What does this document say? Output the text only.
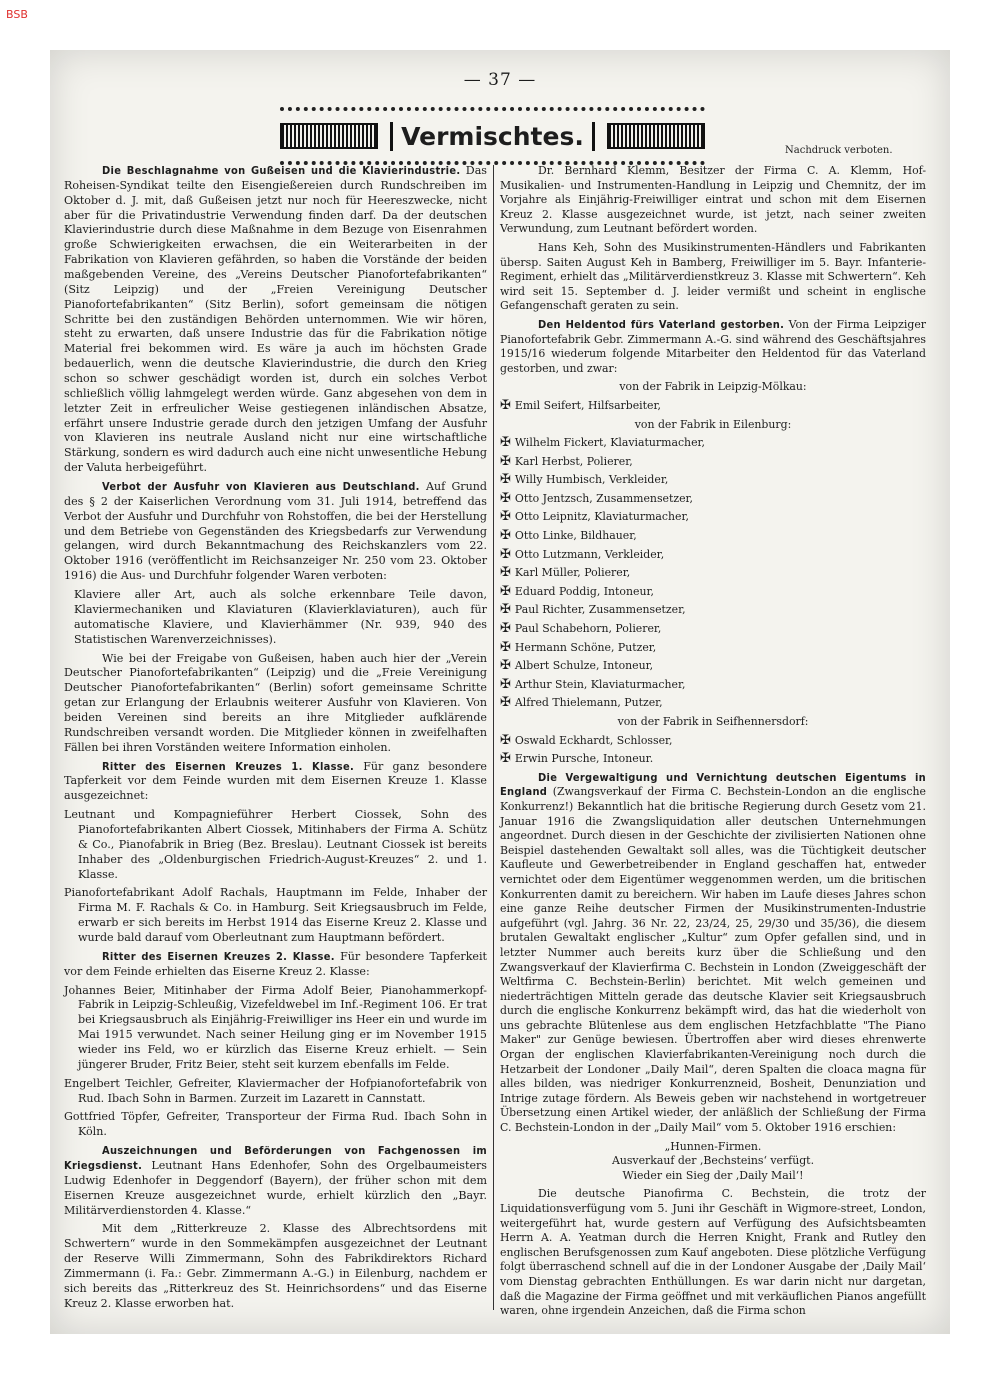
BSB
— 37 —
Vermischtes.	Nachdruck verboten.

Die Beschlagnahme von Gußeisen und die Klavierindustrie. Das Roheisen-Syndikat teilte den Eisengießereien durch Rundschreiben im Oktober d. J. mit, daß Gußeisen jetzt nur noch für Heereszwecke, nicht aber für die Privatindustrie Verwendung finden darf. Da der deutschen Klavierindustrie durch diese Maßnahme in dem Bezuge von Eisenrahmen große Schwierigkeiten erwachsen, die ein Weiterarbeiten in der Fabrikation von Klavieren gefährden, so haben die Vorstände der beiden maßgebenden Vereine, des „Vereins Deutscher Pianofortefabrikanten“ (Sitz Leipzig) und der „Freien Vereinigung Deutscher Pianofortefabrikanten“ (Sitz Berlin), sofort gemeinsam die nötigen Schritte bei den zuständigen Behörden unternommen. Wie wir hören, steht zu erwarten, daß unsere Industrie das für die Fabrikation nötige Material frei bekommen wird. Es wäre ja auch im höchsten Grade bedauerlich, wenn die deutsche Klavierindustrie, die durch den Krieg schon so schwer geschädigt worden ist, durch ein solches Verbot schließlich völlig lahmgelegt werden würde. Ganz abgesehen von dem in letzter Zeit in erfreulicher Weise gestiegenen inländischen Absatze, erfährt unsere Industrie gerade durch den jetzigen Umfang der Ausfuhr von Klavieren ins neutrale Ausland nicht nur eine wirtschaftliche Stärkung, sondern es wird dadurch auch eine nicht unwesentliche Hebung der Valuta herbeigeführt.

Verbot der Ausfuhr von Klavieren aus Deutschland. Auf Grund des § 2 der Kaiserlichen Verordnung vom 31. Juli 1914, betreffend das Verbot der Ausfuhr und Durchfuhr von Rohstoffen, die bei der Herstellung und dem Betriebe von Gegenständen des Kriegsbedarfs zur Verwendung gelangen, wird durch Bekanntmachung des Reichskanzlers vom 22. Oktober 1916 (veröffentlicht im Reichsanzeiger Nr. 250 vom 23. Oktober 1916) die Aus- und Durchfuhr folgender Waren verboten:

Klaviere aller Art, auch als solche erkennbare Teile davon, Klaviermechaniken und Klaviaturen (Klavierklaviaturen), auch für automatische Klaviere, und Klavierhämmer (Nr. 939, 940 des Statistischen Warenverzeichnisses).

Wie bei der Freigabe von Gußeisen, haben auch hier der „Verein Deutscher Pianofortefabrikanten“ (Leipzig) und die „Freie Vereinigung Deutscher Pianofortefabrikanten“ (Berlin) sofort gemeinsame Schritte getan zur Erlangung der Erlaubnis weiterer Ausfuhr von Klavieren. Von beiden Vereinen sind bereits an ihre Mitglieder aufklärende Rundschreiben versandt worden. Die Mitglieder können in zweifelhaften Fällen bei ihren Vorständen weitere Information einholen.

Ritter des Eisernen Kreuzes 1. Klasse. Für ganz besondere Tapferkeit vor dem Feinde wurden mit dem Eisernen Kreuze 1. Klasse ausgezeichnet:

Leutnant und Kompagnieführer Herbert Ciossek, Sohn des Pianofortefabrikanten Albert Ciossek, Mitinhabers der Firma A. Schütz & Co., Pianofabrik in Brieg (Bez. Breslau). Leutnant Ciossek ist bereits Inhaber des „Oldenburgischen Friedrich-August-Kreuzes“ 2. und 1. Klasse.

Pianofortefabrikant Adolf Rachals, Hauptmann im Felde, Inhaber der Firma M. F. Rachals & Co. in Hamburg. Seit Kriegsausbruch im Felde, erwarb er sich bereits im Herbst 1914 das Eiserne Kreuz 2. Klasse und wurde bald darauf vom Oberleutnant zum Hauptmann befördert.

Ritter des Eisernen Kreuzes 2. Klasse. Für besondere Tapferkeit vor dem Feinde erhielten das Eiserne Kreuz 2. Klasse:

Johannes Beier, Mitinhaber der Firma Adolf Beier, Pianohammerkopf-Fabrik in Leipzig-Schleußig, Vizefeldwebel im Inf.-Regiment 106. Er trat bei Kriegsausbruch als Einjährig-Freiwilliger ins Heer ein und wurde im Mai 1915 verwundet. Nach seiner Heilung ging er im November 1915 wieder ins Feld, wo er kürzlich das Eiserne Kreuz erhielt. — Sein jüngerer Bruder, Fritz Beier, steht seit kurzem ebenfalls im Felde.

Engelbert Teichler, Gefreiter, Klaviermacher der Hofpianofortefabrik von Rud. Ibach Sohn in Barmen. Zurzeit im Lazarett in Cannstatt.

Gottfried Töpfer, Gefreiter, Transporteur der Firma Rud. Ibach Sohn in Köln.

Auszeichnungen und Beförderungen von Fachgenossen im Kriegsdienst. Leutnant Hans Edenhofer, Sohn des Orgelbaumeisters Ludwig Edenhofer in Deggendorf (Bayern), der früher schon mit dem Eisernen Kreuze ausgezeichnet wurde, erhielt kürzlich den „Bayr. Militärverdienstorden 4. Klasse.“

Mit dem „Ritterkreuze 2. Klasse des Albrechtsordens mit Schwertern“ wurde in den Sommekämpfen ausgezeichnet der Leutnant der Reserve Willi Zimmermann, Sohn des Fabrikdirektors Richard Zimmermann (i. Fa.: Gebr. Zimmermann A.-G.) in Eilenburg, nachdem er sich bereits das „Ritterkreuz des St. Heinrichsordens“ und das Eiserne Kreuz 2. Klasse erworben hat.

Dr. Bernhard Klemm, Besitzer der Firma C. A. Klemm, Hof-Musikalien- und Instrumenten-Handlung in Leipzig und Chemnitz, der im Vorjahre als Einjährig-Freiwilliger eintrat und schon mit dem Eisernen Kreuz 2. Klasse ausgezeichnet wurde, ist jetzt, nach seiner zweiten Verwundung, zum Leutnant befördert worden.

Hans Keh, Sohn des Musikinstrumenten-Händlers und Fabrikanten übersp. Saiten August Keh in Bamberg, Freiwilliger im 5. Bayr. Infanterie-Regiment, erhielt das „Militärverdienstkreuz 3. Klasse mit Schwertern“. Keh wird seit 15. September d. J. leider vermißt und scheint in englische Gefangenschaft geraten zu sein.

Den Heldentod fürs Vaterland gestorben. Von der Firma Leipziger Pianofortefabrik Gebr. Zimmermann A.-G. sind während des Geschäftsjahres 1915/16 wiederum folgende Mitarbeiter den Heldentod für das Vaterland gestorben, und zwar:

von der Fabrik in Leipzig-Mölkau:

✠ Emil Seifert, Hilfsarbeiter,

von der Fabrik in Eilenburg:

✠ Wilhelm Fickert, Klaviaturmacher,

✠ Karl Herbst, Polierer,

✠ Willy Humbisch, Verkleider,

✠ Otto Jentzsch, Zusammensetzer,

✠ Otto Leipnitz, Klaviaturmacher,

✠ Otto Linke, Bildhauer,

✠ Otto Lutzmann, Verkleider,

✠ Karl Müller, Polierer,

✠ Eduard Poddig, Intoneur,

✠ Paul Richter, Zusammensetzer,

✠ Paul Schabehorn, Polierer,

✠ Hermann Schöne, Putzer,

✠ Albert Schulze, Intoneur,

✠ Arthur Stein, Klaviaturmacher,

✠ Alfred Thielemann, Putzer,

von der Fabrik in Seifhennersdorf:

✠ Oswald Eckhardt, Schlosser,

✠ Erwin Pursche, Intoneur.

Die Vergewaltigung und Vernichtung deutschen Eigentums in England (Zwangsverkauf der Firma C. Bechstein-London an die englische Konkurrenz!) Bekanntlich hat die britische Regierung durch Gesetz vom 21. Januar 1916 die Zwangsliquidation aller deutschen Unternehmungen angeordnet. Durch diesen in der Geschichte der zivilisierten Nationen ohne Beispiel dastehenden Gewaltakt soll alles, was die Tüchtigkeit deutscher Kaufleute und Gewerbetreibender in England geschaffen hat, entweder vernichtet oder dem Eigentümer weggenommen werden, um die britischen Konkurrenten damit zu bereichern. Wir haben im Laufe dieses Jahres schon eine ganze Reihe deutscher Firmen der Musikinstrumenten-Industrie aufgeführt (vgl. Jahrg. 36 Nr. 22, 23/24, 25, 29/30 und 35/36), die diesem brutalen Gewaltakt englischer „Kultur“ zum Opfer gefallen sind, und in letzter Nummer auch bereits kurz über die Schließung und den Zwangsverkauf der Klavierfirma C. Bechstein in London (Zweiggeschäft der Weltfirma C. Bechstein-Berlin) berichtet. Mit welch gemeinen und niederträchtigen Mitteln gerade das deutsche Klavier seit Kriegsausbruch durch die englische Konkurrenz bekämpft wird, das hat die wiederholt von uns gebrachte Blütenlese aus dem englischen Hetzfachblatte "The Piano Maker" zur Genüge bewiesen. Übertroffen aber wird dieses ehrenwerte Organ der englischen Klavierfabrikanten-Vereinigung noch durch die Hetzarbeit der Londoner „Daily Mail“, deren Spalten die cloaca magna für alles bilden, was niedriger Konkurrenzneid, Bosheit, Denunziation und Intrige zutage fördern. Als Beweis geben wir nachstehend in wortgetreuer Übersetzung einen Artikel wieder, der anläßlich der Schließung der Firma C. Bechstein-London in der „Daily Mail“ vom 5. Oktober 1916 erschien:

„Hunnen-Firmen.

Ausverkauf der ‚Bechsteins‘ verfügt.

Wieder ein Sieg der ‚Daily Mail‘!

Die deutsche Pianofirma C. Bechstein, die trotz der Liquidationsverfügung vom 5. Juni ihr Geschäft in Wigmore-street, London, weitergeführt hat, wurde gestern auf Verfügung des Aufsichtsbeamten Herrn A. A. Yeatman durch die Herren Knight, Frank and Rutley den englischen Berufsgenossen zum Kauf angeboten. Diese plötzliche Verfügung folgt überraschend schnell auf die in der Londoner Ausgabe der ‚Daily Mail‘ vom Dienstag gebrachten Enthüllungen. Es war darin nicht nur dargetan, daß die Magazine der Firma geöffnet und mit verkäuflichen Pianos angefüllt waren, ohne irgendein Anzeichen, daß die Firma schon
